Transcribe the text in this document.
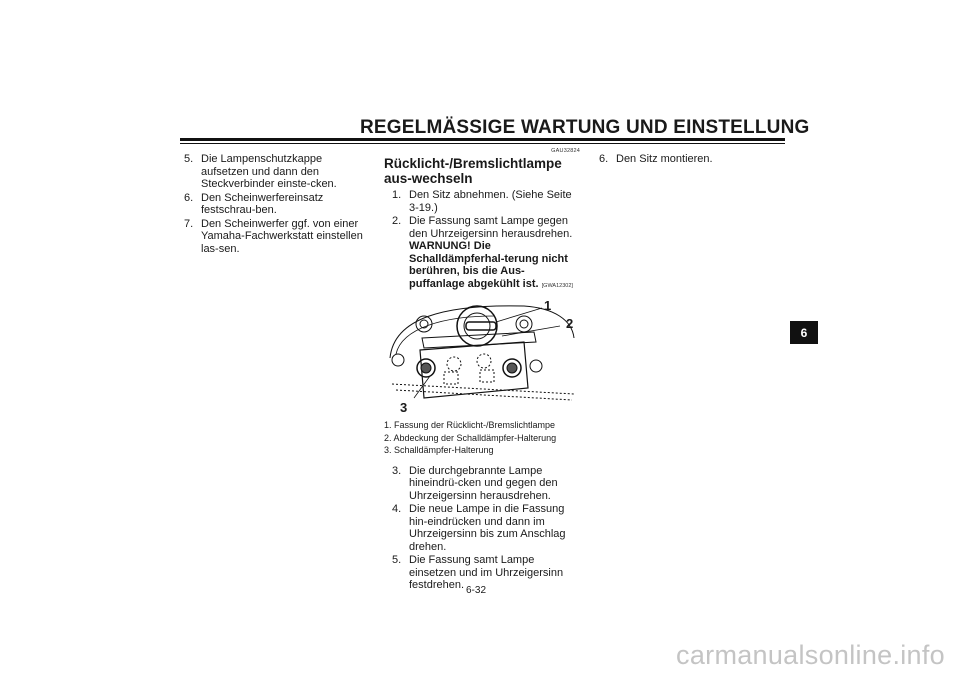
REGELMÄSSIGE WARTUNG UND EINSTELLUNG
5. Die Lampenschutzkappe aufsetzen und dann den Steckverbinder einste-cken.
6. Den Scheinwerfereinsatz festschrau-ben.
7. Den Scheinwerfer ggf. von einer Yamaha-Fachwerkstatt einstellen las-sen.
GAU32824
Rücklicht-/Bremslichtlampe aus-wechseln
1. Den Sitz abnehmen. (Siehe Seite 3-19.)
2. Die Fassung samt Lampe gegen den Uhrzeigersinn herausdrehen.
WARNUNG! Die Schalldämpferhal-terung nicht berühren, bis die Aus-puffanlage abgekühlt ist. [GWA12302]
1
2
3
1. Fassung der Rücklicht-/Bremslichtlampe
2. Abdeckung der Schalldämpfer-Halterung
3. Schalldämpfer-Halterung
3. Die durchgebrannte Lampe hineindrü-cken und gegen den Uhrzeigersinn herausdrehen.
4. Die neue Lampe in die Fassung hin-eindrücken und dann im Uhrzeigersinn bis zum Anschlag drehen.
5. Die Fassung samt Lampe einsetzen und im Uhrzeigersinn festdrehen.
6. Den Sitz montieren.
6
6-32
carmanualsonline.info
